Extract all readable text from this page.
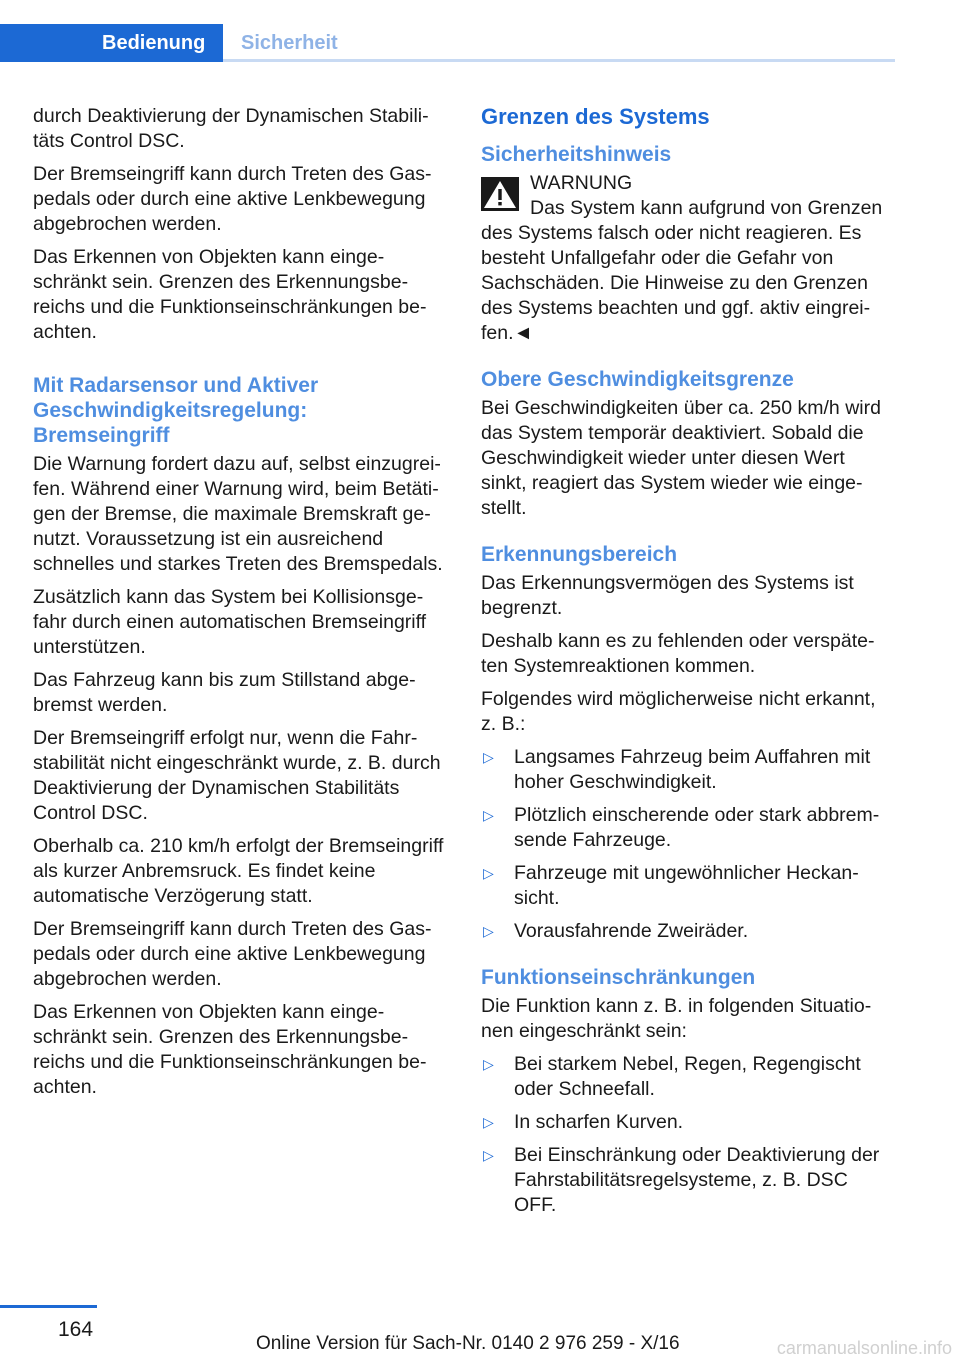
Bedienung	Sicherheit

durch Deaktivierung der Dynamischen Stabilitäts Control DSC.

Der Bremseingriff kann durch Treten des Gaspedals oder durch eine aktive Lenkbewegung abgebrochen werden.

Das Erkennen von Objekten kann eingeschränkt sein. Grenzen des Erkennungsbereichs und die Funktionseinschränkungen beachten.

Mit Radarsensor und Aktiver Geschwindigkeitsregelung: Bremseingriff

Die Warnung fordert dazu auf, selbst einzugreifen. Während einer Warnung wird, beim Betätigen der Bremse, die maximale Bremskraft genutzt. Voraussetzung ist ein ausreichend schnelles und starkes Treten des Bremspedals.

Zusätzlich kann das System bei Kollisionsgefahr durch einen automatischen Bremseingriff unterstützen.

Das Fahrzeug kann bis zum Stillstand abgebremst werden.

Der Bremseingriff erfolgt nur, wenn die Fahrstabilität nicht eingeschränkt wurde, z. B. durch Deaktivierung der Dynamischen Stabilitäts Control DSC.

Oberhalb ca. 210 km/h erfolgt der Bremseingriff als kurzer Anbremsruck. Es findet keine automatische Verzögerung statt.

Der Bremseingriff kann durch Treten des Gaspedals oder durch eine aktive Lenkbewegung abgebrochen werden.

Das Erkennen von Objekten kann eingeschränkt sein. Grenzen des Erkennungsbereichs und die Funktionseinschränkungen beachten.

Grenzen des Systems
Sicherheitshinweis
WARNUNG
Das System kann aufgrund von Grenzen
des Systems falsch oder nicht reagieren. Es besteht Unfallgefahr oder die Gefahr von Sachschäden. Die Hinweise zu den Grenzen des Systems beachten und ggf. aktiv eingreifen.◄
Obere Geschwindigkeitsgrenze

Bei Geschwindigkeiten über ca. 250 km/h wird das System temporär deaktiviert. Sobald die Geschwindigkeit wieder unter diesen Wert sinkt, reagiert das System wieder wie eingestellt.

Erkennungsbereich

Das Erkennungsvermögen des Systems ist begrenzt.

Deshalb kann es zu fehlenden oder verspäteten Systemreaktionen kommen.

Folgendes wird möglicherweise nicht erkannt, z. B.:

▷ Langsames Fahrzeug beim Auffahren mit hoher Geschwindigkeit.
▷ Plötzlich einscherende oder stark abbremsende Fahrzeuge.
▷ Fahrzeuge mit ungewöhnlicher Heckansicht.
▷ Vorausfahrende Zweiräder.
Funktionseinschränkungen

Die Funktion kann z. B. in folgenden Situationen eingeschränkt sein:

▷ Bei starkem Nebel, Regen, Regengischt oder Schneefall.
▷ In scharfen Kurven.
▷ Bei Einschränkung oder Deaktivierung der Fahrstabilitätsregelsysteme, z. B. DSC OFF.
164
Online Version für Sach-Nr. 0140 2 976 259 - X/16	carmanualsonline.info
